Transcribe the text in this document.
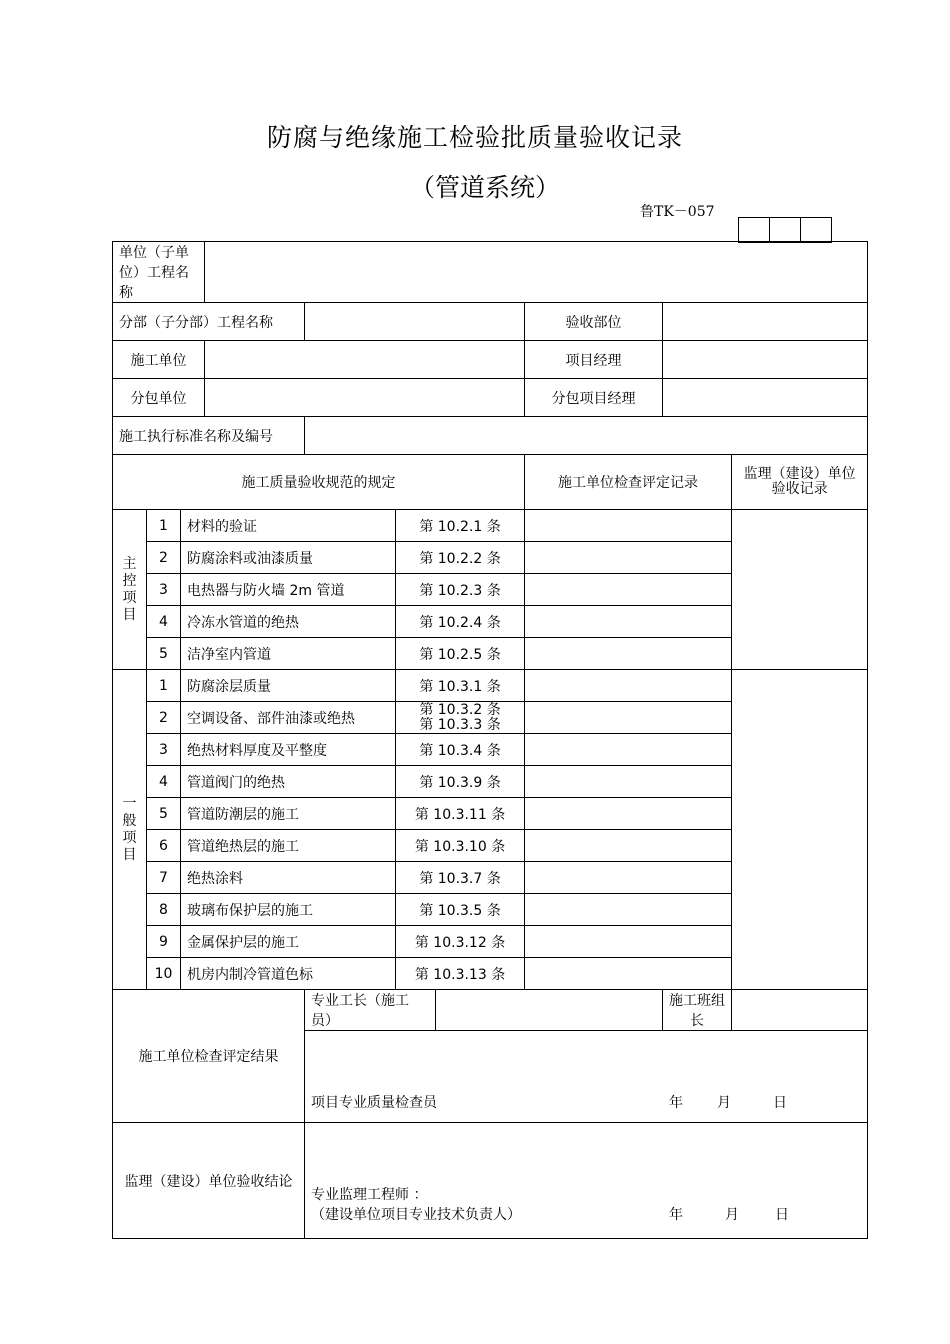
防腐与绝缘施工检验批质量验收记录
（管道系统）
鲁TK－057
单位（子单位）工程名称									
分部（子分部）工程名称							验收部位		
施工单位							项目经理		
分包单位							分包项目经理		
施工执行标准名称及编号									
施工质量验收规范的规定							施工单位检查评定记录		监理（建设）单位
验收记录

主
控
项
目	1	材料的验证			第 10.2.1 条				
	2	防腐涂料或油漆质量			第 10.2.2 条				
	3	电热器与防火墙 2m 管道			第 10.2.3 条				
	4	冷冻水管道的绝热			第 10.2.4 条				
	5	洁净室内管道			第 10.2.5 条				

一
般
项
目	1	防腐涂层质量			第 10.3.1 条				
	2	空调设备、部件油漆或绝热			第 10.3.2 条
第 10.3.3 条				

	3	绝热材料厚度及平整度			第 10.3.4 条				
	4	管道阀门的绝热			第 10.3.9 条				
	5	管道防潮层的施工			第 10.3.11 条				
	6	管道绝热层的施工			第 10.3.10 条				
	7	绝热涂料			第 10.3.7 条				
	8	玻璃布保护层的施工			第 10.3.5 条				
	9	金属保护层的施工			第 10.3.12 条				
	10	机房内制冷管道色标			第 10.3.13 条				
施工单位检查评定结果				专业工长（施工员）				施工班组长	

				项目专业质量检查员 年 月 日					

监理（建设）单位验收结论				专业监理工程师 ：
（建设单位项目专业技术负责人） 年 月 日					
